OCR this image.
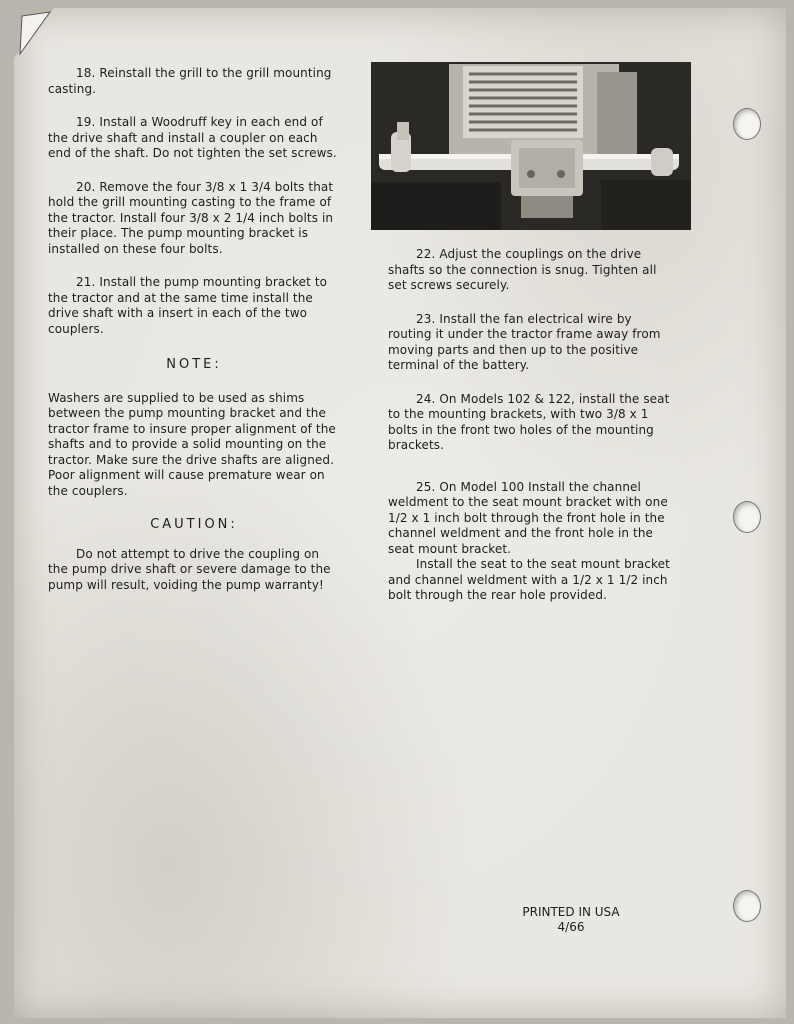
18. Reinstall the grill to the grill mounting casting.

19. Install a Woodruff key in each end of the drive shaft and install a coupler on each end of the shaft. Do not tighten the set screws.

20. Remove the four 3/8 x 1 3/4 bolts that hold the grill mounting casting to the frame of the tractor. Install four 3/8 x 2 1/4 inch bolts in their place. The pump mounting bracket is installed on these four bolts.

21. Install the pump mounting bracket to the tractor and at the same time install the drive shaft with a insert in each of the two couplers.

NOTE:

Washers are supplied to be used as shims between the pump mounting bracket and the tractor frame to insure proper alignment of the shafts and to provide a solid mounting on the tractor. Make sure the drive shafts are aligned. Poor alignment will cause premature wear on the couplers.

CAUTION:

Do not attempt to drive the coupling on the pump drive shaft or severe damage to the pump will result, voiding the pump warranty!

22. Adjust the couplings on the drive shafts so the connection is snug. Tighten all set screws securely.

23. Install the fan electrical wire by routing it under the tractor frame away from moving parts and then up to the positive terminal of the battery.

24. On Models 102 & 122, install the seat to the mounting brackets, with two 3/8 x 1 bolts in the front two holes of the mounting brackets.

25. On Model 100 Install the channel weldment to the seat mount bracket with one 1/2 x 1 inch bolt through the front hole in the channel weldment and the front hole in the seat mount bracket.

Install the seat to the seat mount bracket and channel weldment with a 1/2 x 1 1/2 inch bolt through the rear hole provided.

PRINTED IN USA
4/66
